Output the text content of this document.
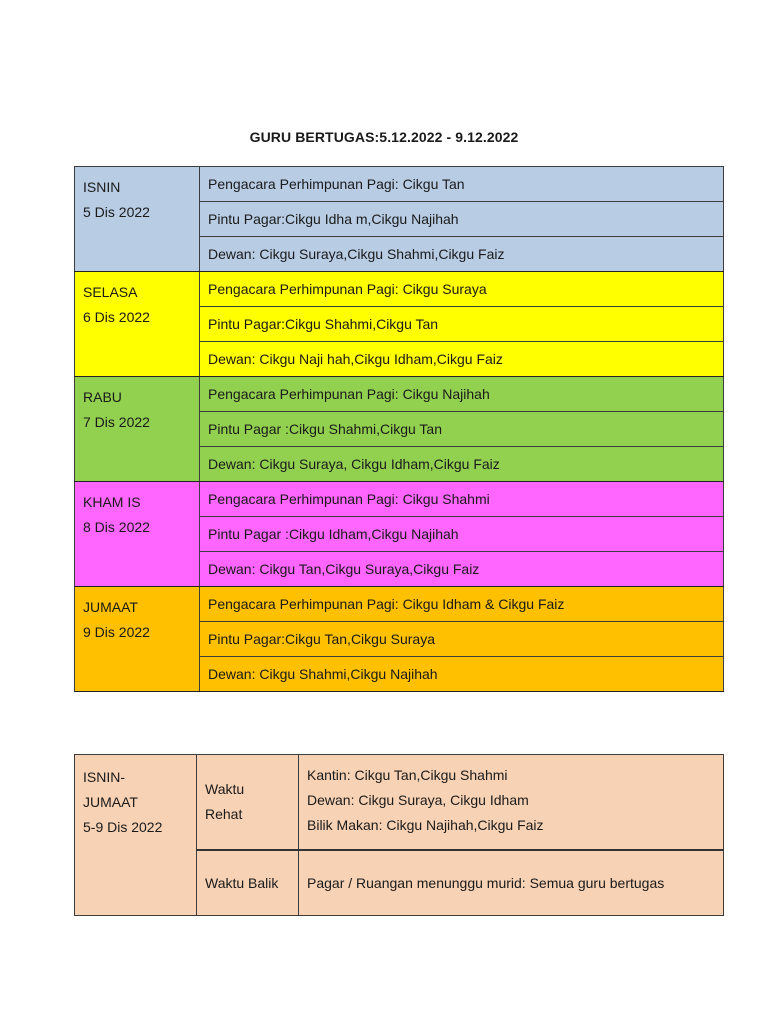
GURU BERTUGAS:5.12.2022 - 9.12.2022
ISNIN
5 Dis 2022	Pengacara Perhimpunan Pagi: Cikgu Tan
	Pintu Pagar:Cikgu Idha m,Cikgu Najihah
	Dewan: Cikgu Suraya,Cikgu Shahmi,Cikgu Faiz

SELASA
6 Dis 2022	Pengacara Perhimpunan Pagi: Cikgu Suraya
	Pintu Pagar:Cikgu Shahmi,Cikgu Tan
	Dewan: Cikgu Naji hah,Cikgu Idham,Cikgu Faiz

RABU
7 Dis 2022	Pengacara Perhimpunan Pagi: Cikgu Najihah
	Pintu Pagar :Cikgu Shahmi,Cikgu Tan
	Dewan: Cikgu Suraya, Cikgu Idham,Cikgu Faiz

KHAM IS
8 Dis 2022	Pengacara Perhimpunan Pagi: Cikgu Shahmi
	Pintu Pagar :Cikgu Idham,Cikgu Najihah
	Dewan: Cikgu Tan,Cikgu Suraya,Cikgu Faiz

JUMAAT
9 Dis 2022	Pengacara Perhimpunan Pagi: Cikgu Idham & Cikgu Faiz
	Pintu Pagar:Cikgu Tan,Cikgu Suraya
	Dewan: Cikgu Shahmi,Cikgu Najihah
ISNIN-
JUMAAT
5-9 Dis 2022	Waktu
Rehat	Kantin: Cikgu Tan,Cikgu Shahmi
Dewan: Cikgu Suraya, Cikgu Idham
Bilik Makan: Cikgu Najihah,Cikgu Faiz

	Waktu Balik	Pagar / Ruangan menunggu murid: Semua guru bertugas
